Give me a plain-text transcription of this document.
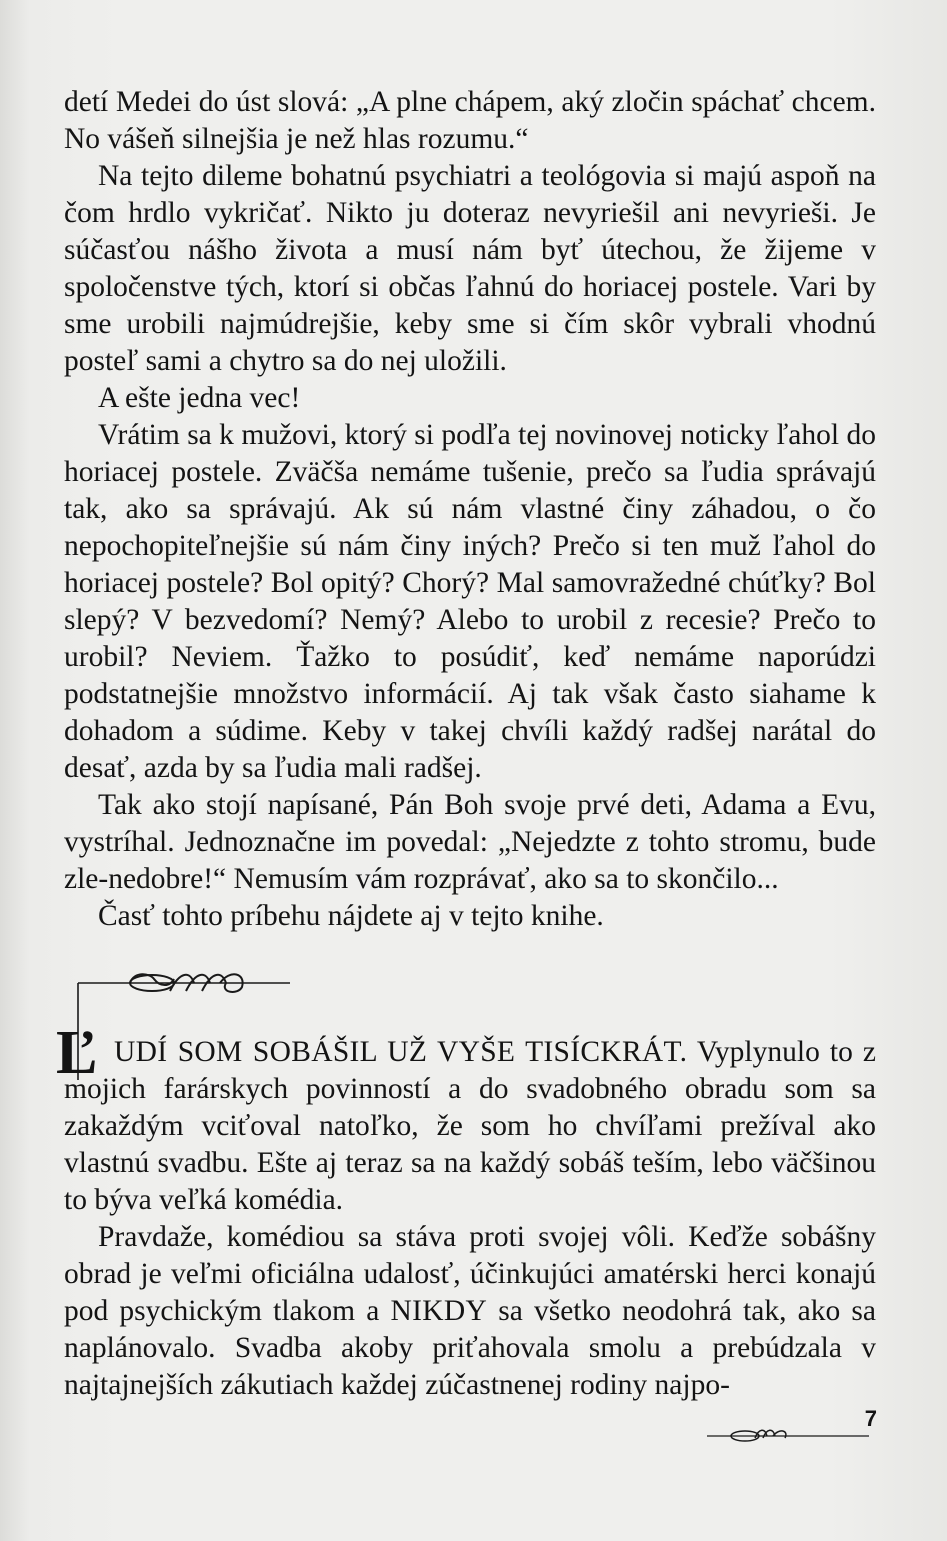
detí Medei do úst slová: „A plne chápem, aký zločin spáchať chcem. No vášeň silnejšia je než hlas rozumu.“

Na tejto dileme bohatnú psychiatri a teológovia si majú aspoň na čom hrdlo vykričať. Nikto ju doteraz nevyriešil ani nevyrieši. Je súčasťou nášho života a musí nám byť útechou, že žijeme v spoločenstve tých, ktorí si občas ľahnú do horiacej postele. Vari by sme urobili najmúdrejšie, keby sme si čím skôr vybrali vhodnú posteľ sami a chytro sa do nej uložili.

A ešte jedna vec!

Vrátim sa k mužovi, ktorý si podľa tej novinovej noticky ľahol do horiacej postele. Zväčša nemáme tušenie, prečo sa ľudia správajú tak, ako sa správajú. Ak sú nám vlastné činy záhadou, o čo nepochopiteľnejšie sú nám činy iných? Prečo si ten muž ľahol do horiacej postele? Bol opitý? Chorý? Mal samovražedné chúťky? Bol slepý? V bezvedomí? Nemý? Alebo to urobil z recesie? Prečo to urobil? Neviem. Ťažko to posúdiť, keď nemáme naporúdzi podstatnejšie množstvo informácií. Aj tak však často siahame k dohadom a súdime. Keby v takej chvíli každý radšej narátal do desať, azda by sa ľudia mali radšej.

Tak ako stojí napísané, Pán Boh svoje prvé deti, Adama a Evu, vystríhal. Jednoznačne im povedal: „Nejedzte z tohto stromu, bude zle-nedobre!“ Nemusím vám rozprávať, ako sa to skončilo...

Časť tohto príbehu nájdete aj v tejto knihe.

Ľ UDÍ SOM SOBÁŠIL UŽ VYŠE TISÍCKRÁT. Vyplynulo to z mojich farárskych povinností a do svadobného obradu som sa zakaždým vciťoval natoľko, že som ho chvíľami prežíval ako vlastnú svadbu. Ešte aj teraz sa na každý sobáš teším, lebo väčšinou to býva veľká komédia.

Pravdaže, komédiou sa stáva proti svojej vôli. Keďže sobášny obrad je veľmi oficiálna udalosť, účinkujúci amatérski herci konajú pod psychickým tlakom a NIKDY sa všetko neodohrá tak, ako sa naplánovalo. Svadba akoby priťahovala smolu a prebúdzala v najtajnejších zákutiach každej zúčastnenej rodiny najpo-

7
